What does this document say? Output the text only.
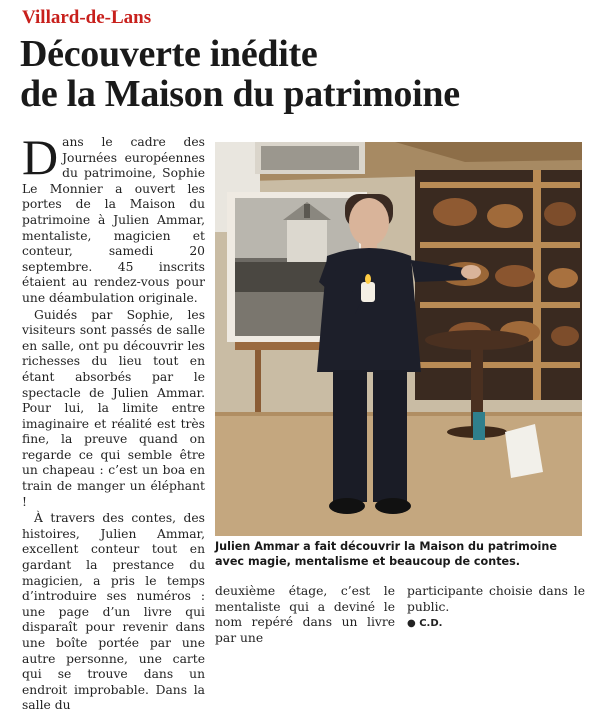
Villard-de-Lans
Découverte inédite
de la Maison du patrimoine

Dans le cadre des Journées européennes du patrimoine, Sophie Le Monnier a ouvert les portes de la Maison du patrimoine à Julien Ammar, mentaliste, magicien et conteur, samedi 20 septembre. 45 inscrits étaient au rendez-vous pour une déambulation originale.

Guidés par Sophie, les visiteurs sont passés de salle en salle, ont pu découvrir les richesses du lieu tout en étant absorbés par le spectacle de Julien Ammar. Pour lui, la limite entre imaginaire et réalité est très fine, la preuve quand on regarde ce qui semble être un chapeau : c’est un boa en train de manger un éléphant !

À travers des contes, des histoires, Julien Ammar, excellent conteur tout en gardant la prestance du magicien, a pris le temps d’introduire ses numéros : une page d’un livre qui disparaît pour revenir dans une boîte portée par une autre personne, une carte qui se trouve dans un endroit improbable. Dans la salle du

Julien Ammar a fait découvrir la Maison du patrimoine avec magie, mentalisme et beaucoup de contes.

deuxième étage, c’est le mentaliste qui a deviné le nom repéré dans un livre par une

participante choisie dans le public.

● C.D.
